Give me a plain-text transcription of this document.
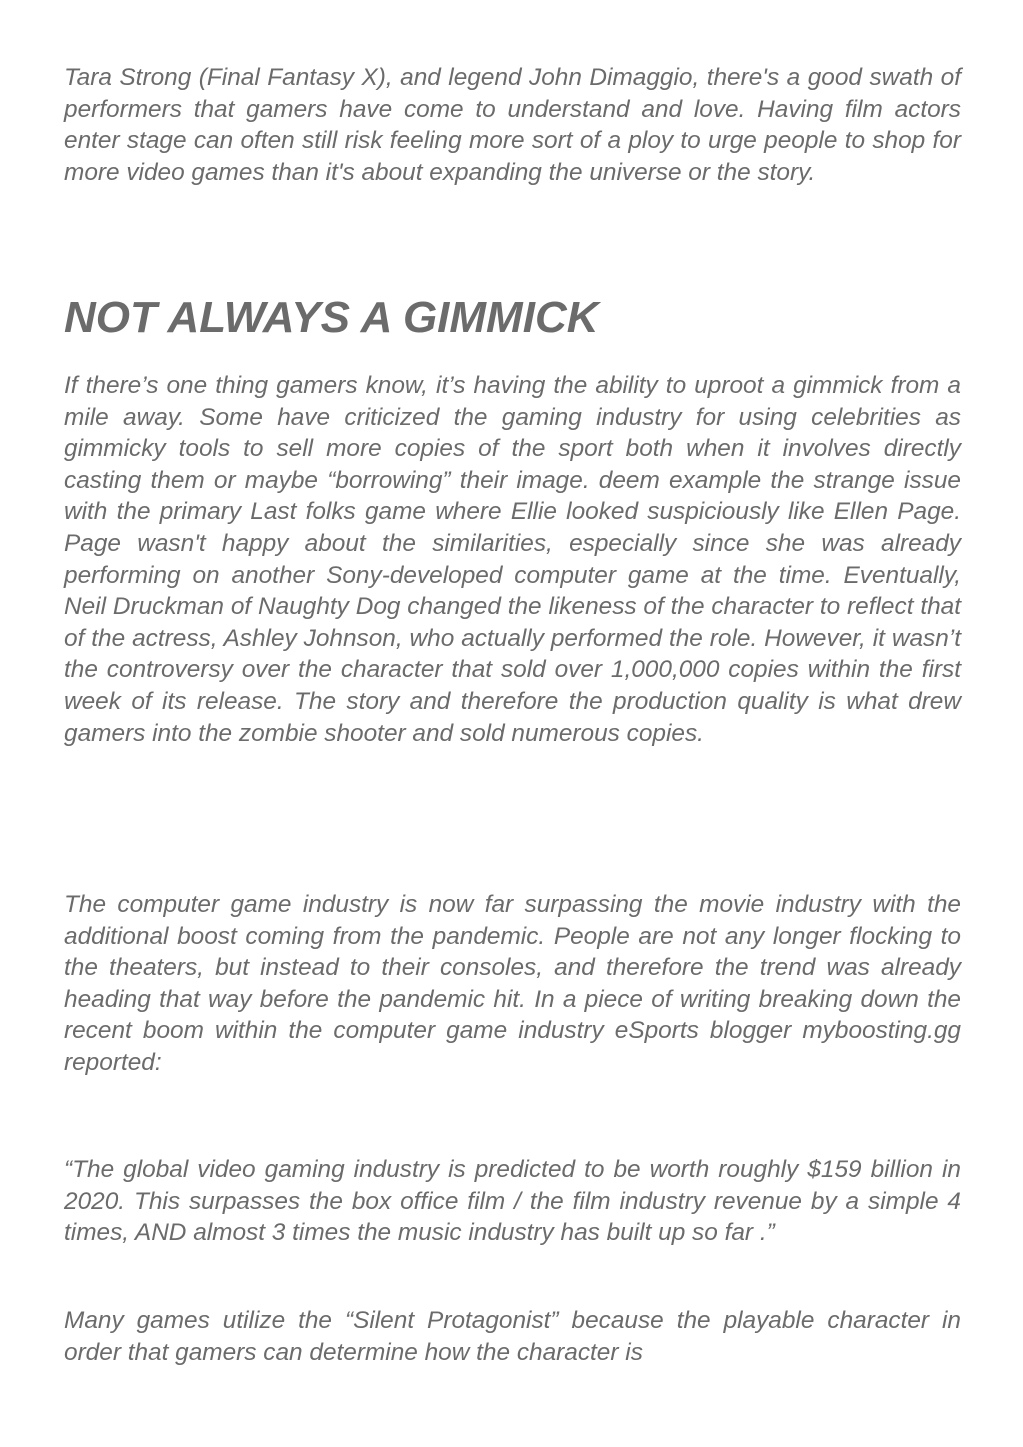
Tara Strong (Final Fantasy X), and legend John Dimaggio, there's a good swath of performers that gamers have come to understand and love. Having film actors enter stage can often still risk feeling more sort of a ploy to urge people to shop for more video games than it's about expanding the universe or the story.

NOT ALWAYS A GIMMICK

If there’s one thing gamers know, it’s having the ability to uproot a gimmick from a mile away. Some have criticized the gaming industry for using celebrities as gimmicky tools to sell more copies of the sport both when it involves directly casting them or maybe “borrowing” their image. deem example the strange issue with the primary Last folks game where Ellie looked suspiciously like Ellen Page. Page wasn't happy about the similarities, especially since she was already performing on another Sony-developed computer game at the time. Eventually, Neil Druckman of Naughty Dog changed the likeness of the character to reflect that of the actress, Ashley Johnson, who actually performed the role. However, it wasn’t the controversy over the character that sold over 1,000,000 copies within the first week of its release. The story and therefore the production quality is what drew gamers into the zombie shooter and sold numerous copies.

The computer game industry is now far surpassing the movie industry with the additional boost coming from the pandemic. People are not any longer flocking to the theaters, but instead to their consoles, and therefore the trend was already heading that way before the pandemic hit. In a piece of writing breaking down the recent boom within the computer game industry eSports blogger myboosting.gg reported:

“The global video gaming industry is predicted to be worth roughly $159 billion in 2020. This surpasses the box office film / the film industry revenue by a simple 4 times, AND almost 3 times the music industry has built up so far .”

Many games utilize the “Silent Protagonist” because the playable character in order that gamers can determine how the character is
